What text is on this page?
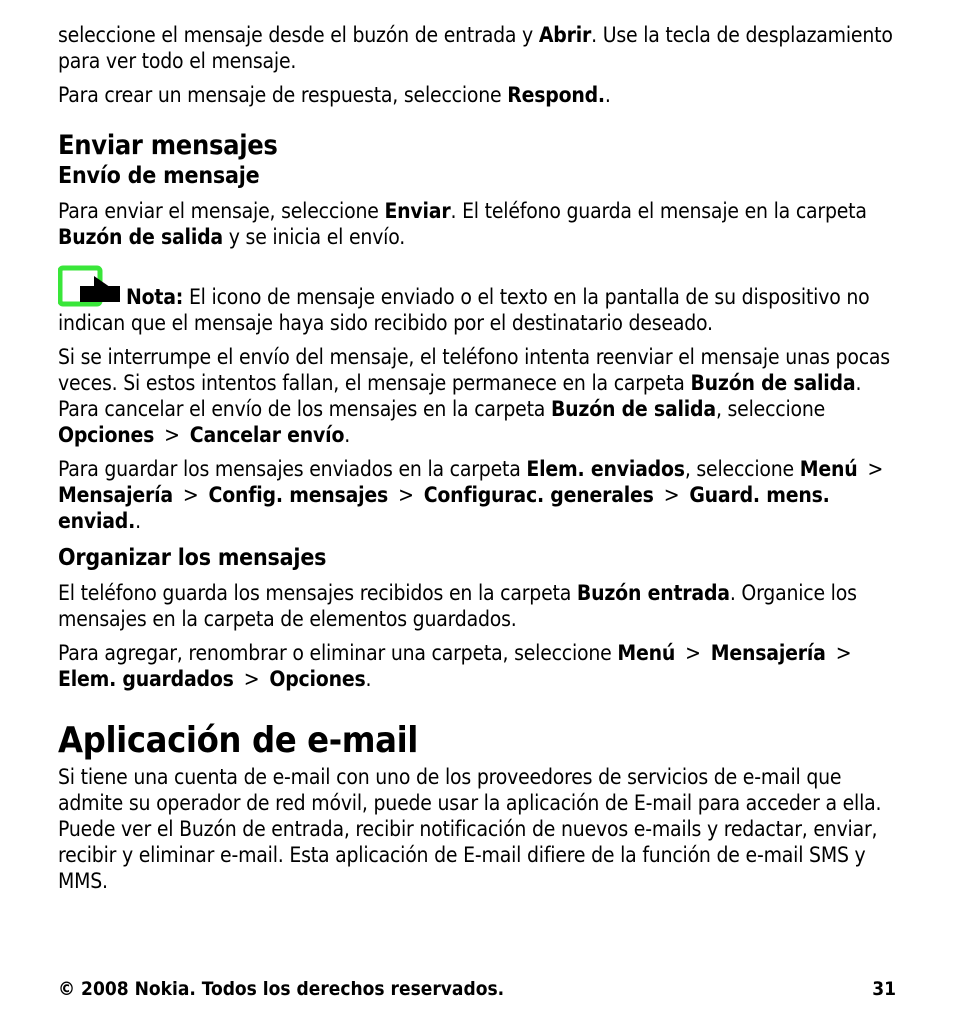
seleccione el mensaje desde el buzón de entrada y Abrir. Use la tecla de desplazamiento para ver todo el mensaje.

Para crear un mensaje de respuesta, seleccione Respond..

Enviar mensajes
Envío de mensaje

Para enviar el mensaje, seleccione Enviar. El teléfono guarda el mensaje en la carpeta Buzón de salida y se inicia el envío.

Nota: El icono de mensaje enviado o el texto en la pantalla de su dispositivo no indican que el mensaje haya sido recibido por el destinatario deseado.

Si se interrumpe el envío del mensaje, el teléfono intenta reenviar el mensaje unas pocas veces. Si estos intentos fallan, el mensaje permanece en la carpeta Buzón de salida. Para cancelar el envío de los mensajes en la carpeta Buzón de salida, seleccione Opciones > Cancelar envío.

Para guardar los mensajes enviados en la carpeta Elem. enviados, seleccione Menú >Mensajería > Config. mensajes > Configurac. generales > Guard. mens. enviad..

Organizar los mensajes

El teléfono guarda los mensajes recibidos en la carpeta Buzón entrada. Organice los mensajes en la carpeta de elementos guardados.

Para agregar, renombrar o eliminar una carpeta, seleccione Menú > Mensajería >Elem. guardados > Opciones.

Aplicación de e-mail

Si tiene una cuenta de e-mail con uno de los proveedores de servicios de e-mail que admite su operador de red móvil, puede usar la aplicación de E-mail para acceder a ella. Puede ver el Buzón de entrada, recibir notificación de nuevos e-mails y redactar, enviar, recibir y eliminar e-mail. Esta aplicación de E-mail difiere de la función de e-mail SMS y MMS.

© 2008 Nokia. Todos los derechos reservados.	31
